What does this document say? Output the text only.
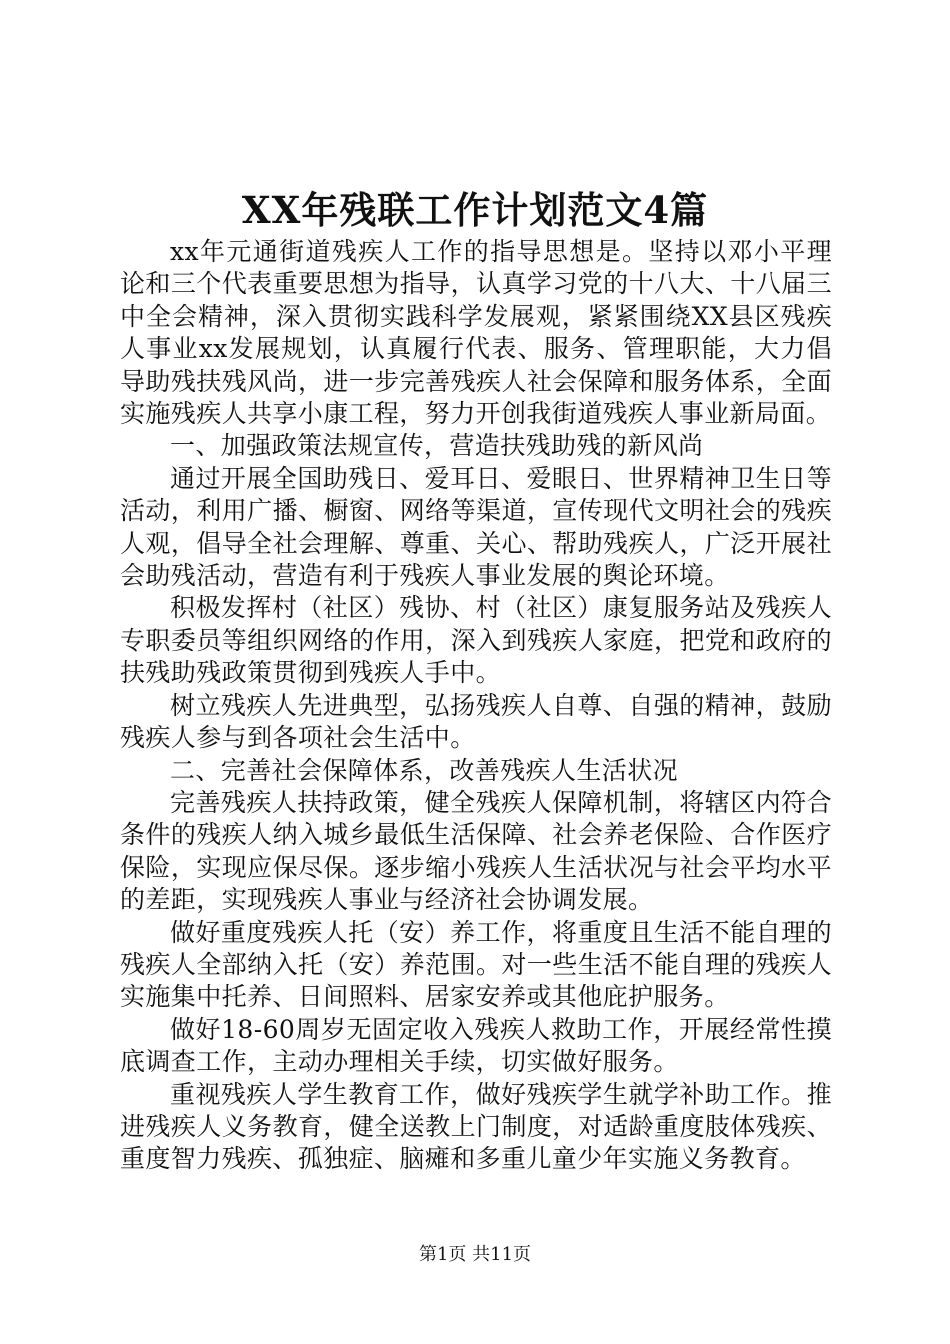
XX年残联工作计划范文4篇

xx年元通街道残疾人工作的指导思想是。坚持以邓小平理论和三个代表重要思想为指导，认真学习党的十八大、十八届三中全会精神，深入贯彻实践科学发展观，紧紧围绕XX县区残疾人事业xx发展规划，认真履行代表、服务、管理职能，大力倡导助残扶残风尚，进一步完善残疾人社会保障和服务体系，全面实施残疾人共享小康工程，努力开创我街道残疾人事业新局面。

一、加强政策法规宣传，营造扶残助残的新风尚

通过开展全国助残日、爱耳日、爱眼日、世界精神卫生日等活动，利用广播、橱窗、网络等渠道，宣传现代文明社会的残疾人观，倡导全社会理解、尊重、关心、帮助残疾人，广泛开展社会助残活动，营造有利于残疾人事业发展的舆论环境。

积极发挥村（社区）残协、村（社区）康复服务站及残疾人专职委员等组织网络的作用，深入到残疾人家庭，把党和政府的扶残助残政策贯彻到残疾人手中。

树立残疾人先进典型，弘扬残疾人自尊、自强的精神，鼓励残疾人参与到各项社会生活中。

二、完善社会保障体系，改善残疾人生活状况

完善残疾人扶持政策，健全残疾人保障机制，将辖区内符合条件的残疾人纳入城乡最低生活保障、社会养老保险、合作医疗保险，实现应保尽保。逐步缩小残疾人生活状况与社会平均水平的差距，实现残疾人事业与经济社会协调发展。

做好重度残疾人托（安）养工作，将重度且生活不能自理的残疾人全部纳入托（安）养范围。对一些生活不能自理的残疾人实施集中托养、日间照料、居家安养或其他庇护服务。

做好18-60周岁无固定收入残疾人救助工作，开展经常性摸底调查工作，主动办理相关手续，切实做好服务。

重视残疾人学生教育工作，做好残疾学生就学补助工作。推进残疾人义务教育，健全送教上门制度，对适龄重度肢体残疾、重度智力残疾、孤独症、脑瘫和多重儿童少年实施义务教育。

第1页 共11页
